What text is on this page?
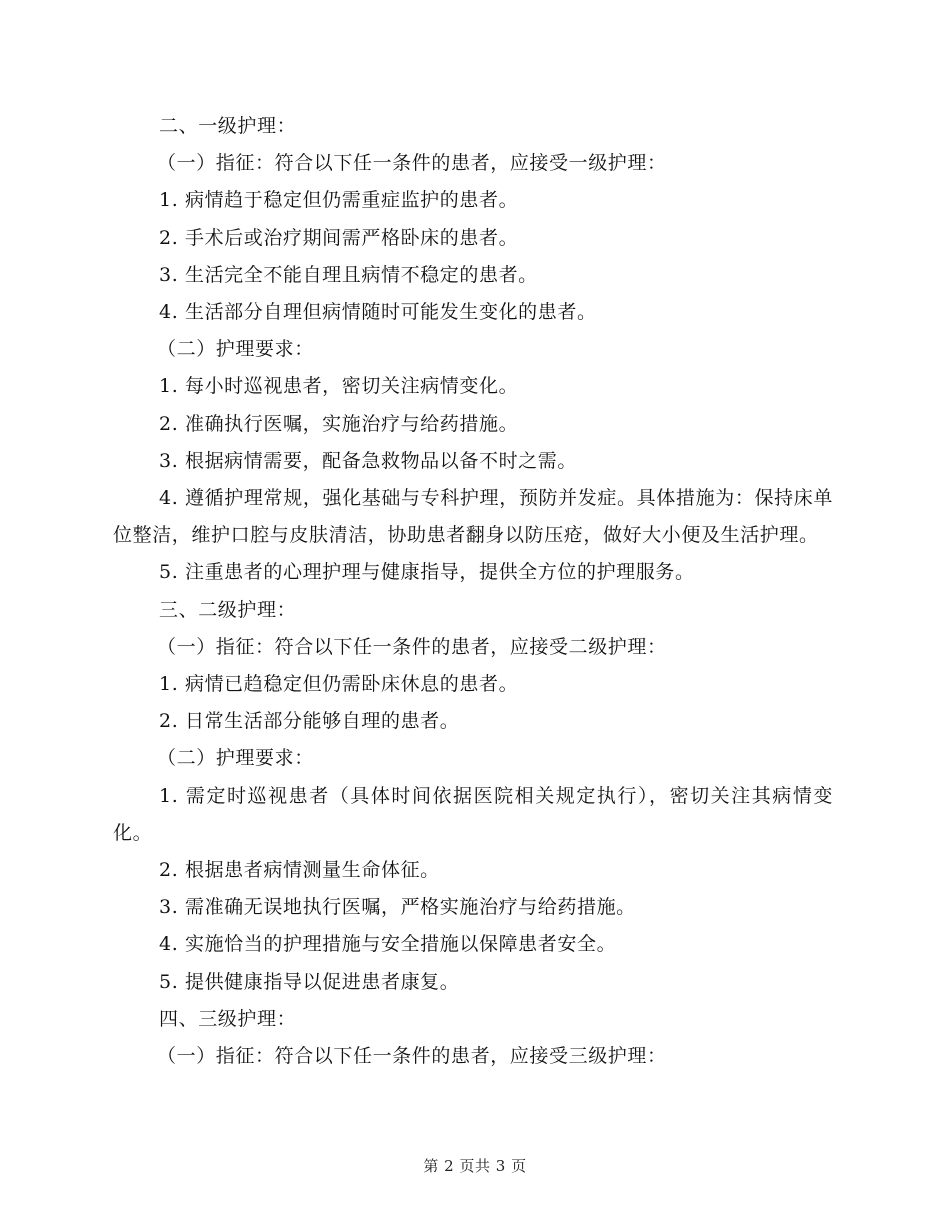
二、一级护理：
（一）指征：符合以下任一条件的患者，应接受一级护理：
1. 病情趋于稳定但仍需重症监护的患者。
2. 手术后或治疗期间需严格卧床的患者。
3. 生活完全不能自理且病情不稳定的患者。
4. 生活部分自理但病情随时可能发生变化的患者。
（二）护理要求：
1. 每小时巡视患者，密切关注病情变化。
2. 准确执行医嘱，实施治疗与给药措施。
3. 根据病情需要，配备急救物品以备不时之需。
4. 遵循护理常规，强化基础与专科护理，预防并发症。具体措施为：保持床单位整洁，维护口腔与皮肤清洁，协助患者翻身以防压疮，做好大小便及生活护理。
5. 注重患者的心理护理与健康指导，提供全方位的护理服务。
三、二级护理：
（一）指征：符合以下任一条件的患者，应接受二级护理：
1. 病情已趋稳定但仍需卧床休息的患者。
2. 日常生活部分能够自理的患者。
（二）护理要求：
1. 需定时巡视患者（具体时间依据医院相关规定执行），密切关注其病情变化。
2. 根据患者病情测量生命体征。
3. 需准确无误地执行医嘱，严格实施治疗与给药措施。
4. 实施恰当的护理措施与安全措施以保障患者安全。
5. 提供健康指导以促进患者康复。
四、三级护理：
（一）指征：符合以下任一条件的患者，应接受三级护理：
第 2 页共 3 页
